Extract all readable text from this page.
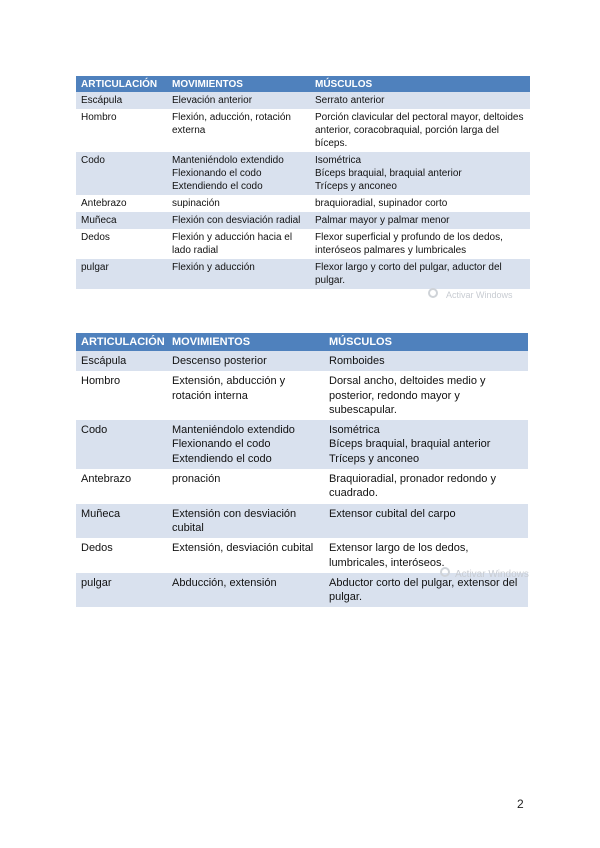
ARTICULACIÓN	MOVIMIENTOS	MÚSCULOS
Escápula	Elevación anterior	Serrato anterior
Hombro	Flexión, aducción, rotación externa	Porción clavicular del pectoral mayor, deltoides anterior, coracobraquial, porción larga del bíceps.
Codo	Manteniéndolo extendido
Flexionando el codo
Extendiendo el codo	Isométrica
Bíceps braquial, braquial anterior
Tríceps y anconeo
Antebrazo	supinación	braquioradial, supinador corto
Muñeca	Flexión con desviación radial	Palmar mayor y palmar menor
Dedos	Flexión y aducción hacia el lado radial	Flexor superficial y profundo de los dedos, interóseos palmares y lumbricales
pulgar	Flexión y aducción	Flexor largo y corto del pulgar, aductor del pulgar.
ARTICULACIÓN	MOVIMIENTOS	MÚSCULOS
Escápula	Descenso posterior	Romboides
Hombro	Extensión, abducción y rotación interna	Dorsal ancho, deltoides medio y posterior, redondo mayor y subescapular.
Codo	Manteniéndolo extendido
Flexionando el codo
Extendiendo el codo	Isométrica
Bíceps braquial, braquial anterior
Tríceps y anconeo
Antebrazo	pronación	Braquioradial, pronador redondo y cuadrado.
Muñeca	Extensión con desviación cubital	Extensor cubital del carpo
Dedos	Extensión, desviación cubital	Extensor largo de los dedos, lumbricales, interóseos.
pulgar	Abducción, extensión	Abductor corto del pulgar, extensor del pulgar.
Activar Windows
Activar Windows
2
